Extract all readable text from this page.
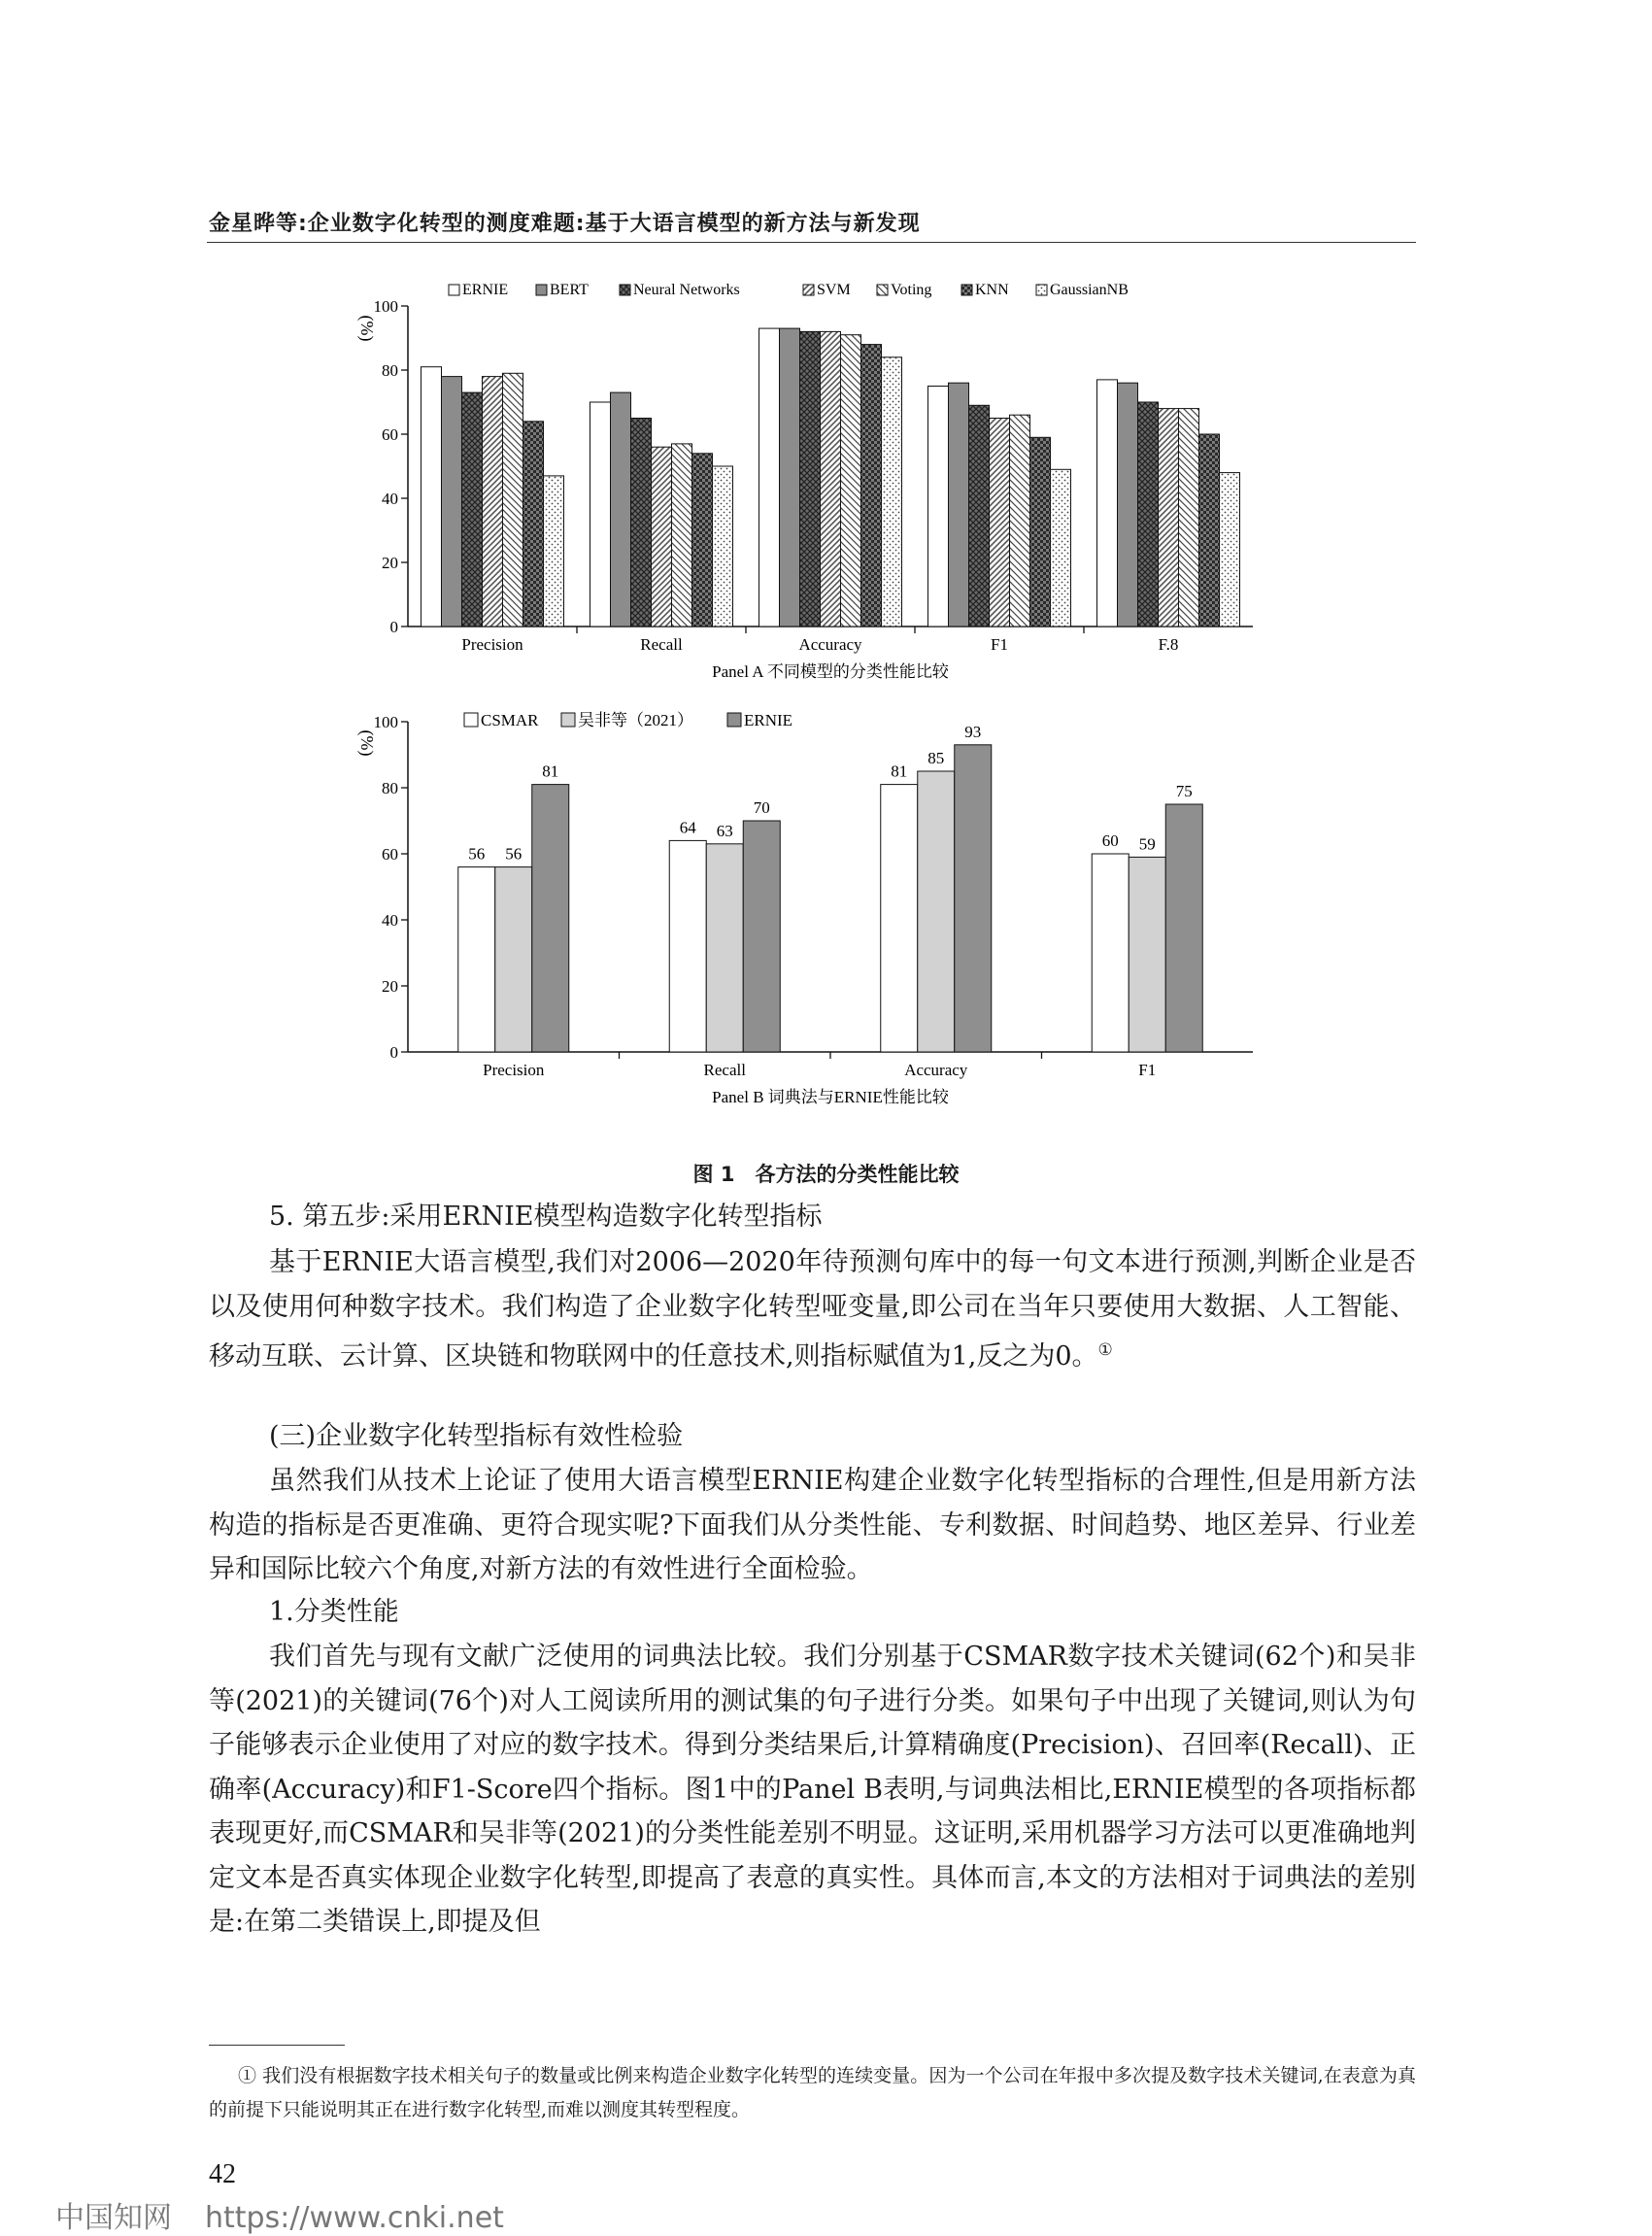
金星晔等:企业数字化转型的测度难题:基于大语言模型的新方法与新发现
ERNIE	BERT	Neural Networks	SVM	Voting	KNN	GaussianNB
(%)
0
20
40
60
80
100
Precision	Recall	Accuracy	F1	F.8
Panel A 不同模型的分类性能比较
CSMAR 吴非等（2021）	ERNIE
(%)
0
20
40
60
80
100
56 56
81
Precision
64 63
70
Recall
81
85
93
Accuracy
60 59
75
F1
Panel B 词典法与ERNIE性能比较
图 1　各方法的分类性能比较
5. 第五步:采用ERNIE模型构造数字化转型指标
基于ERNIE大语言模型,我们对2006—2020年待预测句库中的每一句文本进行预测,判断企业是否以及使用何种数字技术。我们构造了企业数字化转型哑变量,即公司在当年只要使用大数据、人工智能、移动互联、云计算、区块链和物联网中的任意技术,则指标赋值为1,反之为0。①
(三)企业数字化转型指标有效性检验
虽然我们从技术上论证了使用大语言模型ERNIE构建企业数字化转型指标的合理性,但是用新方法构造的指标是否更准确、更符合现实呢?下面我们从分类性能、专利数据、时间趋势、地区差异、行业差异和国际比较六个角度,对新方法的有效性进行全面检验。
1.分类性能
我们首先与现有文献广泛使用的词典法比较。我们分别基于CSMAR数字技术关键词(62个)和吴非等(2021)的关键词(76个)对人工阅读所用的测试集的句子进行分类。如果句子中出现了关键词,则认为句子能够表示企业使用了对应的数字技术。得到分类结果后,计算精确度(Precision)、召回率(Recall)、正确率(Accuracy)和F1-Score四个指标。图1中的Panel B表明,与词典法相比,ERNIE模型的各项指标都表现更好,而CSMAR和吴非等(2021)的分类性能差别不明显。这证明,采用机器学习方法可以更准确地判定文本是否真实体现企业数字化转型,即提高了表意的真实性。具体而言,本文的方法相对于词典法的差别是:在第二类错误上,即提及但
① 我们没有根据数字技术相关句子的数量或比例来构造企业数字化转型的连续变量。因为一个公司在年报中多次提及数字技术关键词,在表意为真的前提下只能说明其正在进行数字化转型,而难以测度其转型程度。
42
中国知网 https://www.cnki.net
